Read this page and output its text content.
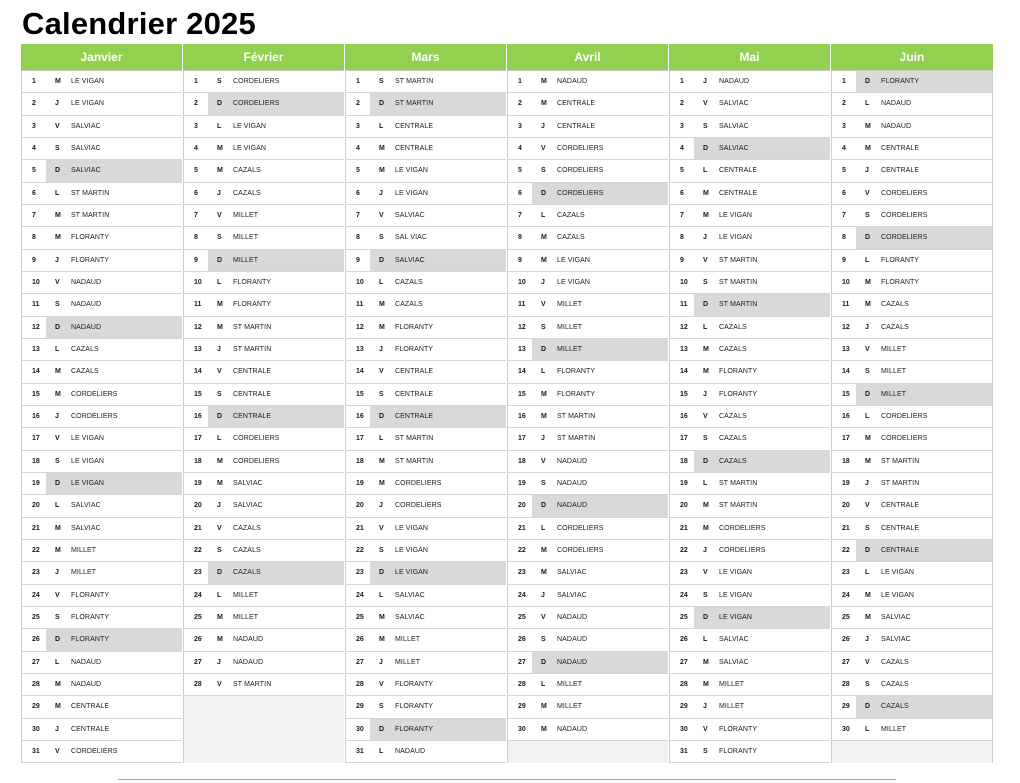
Calendrier 2025
Janvier
1	M	LE VIGAN
2	J	LE VIGAN
3	V	SALVIAC
4	S	SALVIAC
5	D	SALVIAC
6	L	ST MARTIN
7	M	ST MARTIN
8	M	FLORANTY
9	J	FLORANTY
10	V	NADAUD
11	S	NADAUD
12	D	NADAUD
13	L	CAZALS
14	M	CAZALS
15	M	CORDELIERS
16	J	CORDELIERS
17	V	LE VIGAN
18	S	LE VIGAN
19	D	LE VIGAN
20	L	SALVIAC
21	M	SALVIAC
22	M	MILLET
23	J	MILLET
24	V	FLORANTY
25	S	FLORANTY
26	D	FLORANTY
27	L	NADAUD
28	M	NADAUD
29	M	CENTRALE
30	J	CENTRALE
31	V	CORDELIERS
Février
1	S	CORDELIERS
2	D	CORDELIERS
3	L	LE VIGAN
4	M	LE VIGAN
5	M	CAZALS
6	J	CAZALS
7	V	MILLET
8	S	MILLET
9	D	MILLET
10	L	FLORANTY
11	M	FLORANTY
12	M	ST MARTIN
13	J	ST MARTIN
14	V	CENTRALE
15	S	CENTRALE
16	D	CENTRALE
17	L	CORDELIERS
18	M	CORDELIERS
19	M	SALVIAC
20	J	SALVIAC
21	V	CAZALS
22	S	CAZALS
23	D	CAZALS
24	L	MILLET
25	M	MILLET
26	M	NADAUD
27	J	NADAUD
28	V	ST MARTIN
Mars
1	S	ST MARTIN
2	D	ST MARTIN
3	L	CENTRALE
4	M	CENTRALE
5	M	LE VIGAN
6	J	LE VIGAN
7	V	SALVIAC
8	S	SAL VIAC
9	D	SALVIAC
10	L	CAZALS
11	M	CAZALS
12	M	FLORANTY
13	J	FLORANTY
14	V	CENTRALE
15	S	CENTRALE
16	D	CENTRALE
17	L	ST MARTIN
18	M	ST MARTIN
19	M	CORDELIERS
20	J	CORDELIERS
21	V	LE VIGAN
22	S	LE VIGAN
23	D	LE VIGAN
24	L	SALVIAC
25	M	SALVIAC
26	M	MILLET
27	J	MILLET
28	V	FLORANTY
29	S	FLORANTY
30	D	FLORANTY
31	L	NADAUD
Avril
1	M	NADAUD
2	M	CENTRALE
3	J	CENTRALE
4	V	CORDELIERS
5	S	CORDELIERS
6	D	CORDELIERS
7	L	CAZALS
8	M	CAZALS
9	M	LE VIGAN
10	J	LE VIGAN
11	V	MILLET
12	S	MILLET
13	D	MILLET
14	L	FLORANTY
15	M	FLORANTY
16	M	ST MARTIN
17	J	ST MARTIN
18	V	NADAUD
19	S	NADAUD
20	D	NADAUD
21	L	CORDELIERS
22	M	CORDELIERS
23	M	SALVIAC
24	J	SALVIAC
25	V	NADAUD
26	S	NADAUD
27	D	NADAUD
28	L	MILLET
29	M	MILLET
30	M	NADAUD
Mai
1	J	NADAUD
2	V	SALVIAC
3	S	SALVIAC
4	D	SALVIAC
5	L	CENTRALE
6	M	CENTRALE
7	M	LE VIGAN
8	J	LE VIGAN
9	V	ST MARTIN
10	S	ST MARTIN
11	D	ST MARTIN
12	L	CAZALS
13	M	CAZALS
14	M	FLORANTY
15	J	FLORANTY
16	V	CAZALS
17	S	CAZALS
18	D	CAZALS
19	L	ST MARTIN
20	M	ST MARTIN
21	M	CORDELIERS
22	J	CORDELIERS
23	V	LE VIGAN
24	S	LE VIGAN
25	D	LE VIGAN
26	L	SALVIAC
27	M	SALVIAC
28	M	MILLET
29	J	MILLET
30	V	FLORANTY
31	S	FLORANTY
Juin
1	D	FLORANTY
2	L	NADAUD
3	M	NADAUD
4	M	CENTRALE
5	J	CENTRALE
6	V	CORDELIERS
7	S	CORDELIERS
8	D	CORDELIERS
9	L	FLORANTY
10	M	FLORANTY
11	M	CAZALS
12	J	CAZALS
13	V	MILLET
14	S	MILLET
15	D	MILLET
16	L	CORDELIERS
17	M	CORDELIERS
18	M	ST MARTIN
19	J	ST MARTIN
20	V	CENTRALE
21	S	CENTRALE
22	D	CENTRALE
23	L	LE VIGAN
24	M	LE VIGAN
25	M	SALVIAC
26	J	SALVIAC
27	V	CAZALS
28	S	CAZALS
29	D	CAZALS
30	L	MILLET
